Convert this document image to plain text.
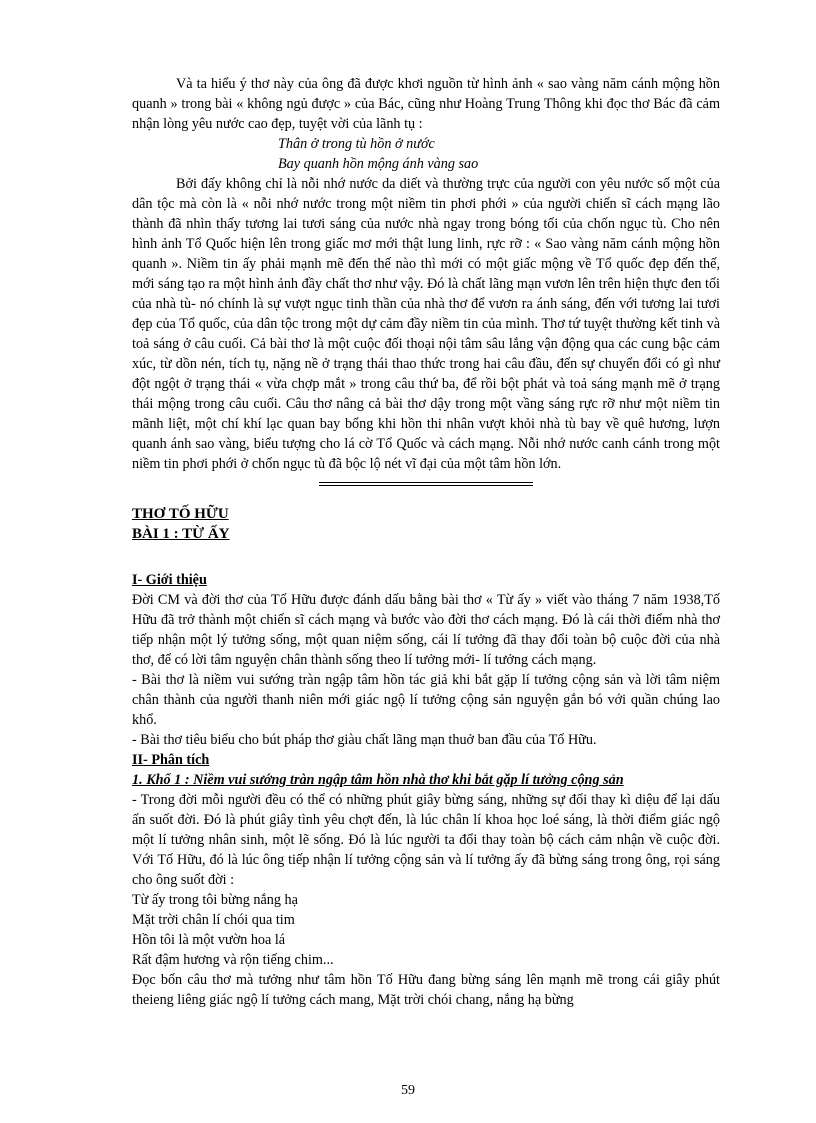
Và ta hiểu ý thơ này của ông đã được khơi nguồn từ hình ảnh « sao vàng năm cánh mộng hồn quanh » trong bài « không ngủ được » của Bác, cũng như Hoàng Trung Thông khi đọc thơ Bác đã cảm nhận lòng yêu nước cao đẹp, tuyệt vời của lãnh tụ :

Thân ở trong tù hồn ở nước

Bay quanh hồn mộng ánh vàng sao

Bởi đấy không chỉ là nỗi nhớ nước da diết và thường trực của người con yêu nước số một của dân tộc mà còn là « nỗi nhớ nước trong một niềm tin phơi phới » của người chiến sĩ cách mạng lão thành đã nhìn thấy tương lai tươi sáng của nước nhà ngay trong bóng tối của chốn ngục tù. Cho nên hình ảnh Tổ Quốc hiện lên trong giấc mơ mới thật lung linh, rực rỡ : « Sao vàng năm cánh mộng hồn quanh ». Niềm tin ấy phải mạnh mẽ đến thế nào thì mới có một giấc mộng về Tổ quốc đẹp đến thế, mới sáng tạo ra một hình ảnh đầy chất thơ như vậy. Đó là chất lãng mạn vươn lên trên hiện thực đen tối của nhà tù- nó chính là sự vượt ngục tinh thần của nhà thơ để vươn ra ánh sáng, đến với tương lai tươi đẹp của Tổ quốc, của dân tộc trong một dự cảm đầy niềm tin của mình. Thơ tứ tuyệt thường kết tinh và toả sáng ở câu cuối. Cả bài thơ là một cuộc đối thoại nội tâm sâu lắng vận động qua các cung bậc cảm xúc, từ dồn nén, tích tụ, nặng nề ở trạng thái thao thức trong hai câu đầu, đến sự chuyển đổi có gì như đột ngột ở trạng thái « vừa chợp mắt » trong câu thứ ba, để rồi bột phát và toả sáng mạnh mẽ ở trạng thái mộng trong câu cuối. Câu thơ nâng cả bài thơ dậy trong một vầng sáng rực rỡ như một niềm tin mãnh liệt, một chí khí lạc quan bay bổng khi hồn thi nhân vượt khỏi nhà tù bay về quê hương, lượn quanh ánh sao vàng, biểu tượng cho lá cờ Tổ Quốc và cách mạng. Nỗi nhớ nước canh cánh trong một niềm tin phơi phới ở chốn ngục tù đã bộc lộ nét vĩ đại của một tâm hồn lớn.

THƠ TỐ HỮU

BÀI 1 : TỪ ẤY

I- Giới thiệu

Đời CM và đời thơ của Tố Hữu được đánh dấu bằng bài thơ « Từ ấy » viết vào tháng 7 năm 1938,Tố Hữu đã trở thành một chiến sĩ cách mạng và bước vào đời thơ cách mạng. Đó là cái thời điểm nhà thơ tiếp nhận một lý tưởng sống, một quan niệm sống, cái lí tưởng đã thay đổi toàn bộ cuộc đời của nhà thơ, để có lời tâm nguyện chân thành sống theo lí tưởng mới- lí tưởng cách mạng.

- Bài thơ là niềm vui sướng tràn ngập tâm hồn tác giả khi bắt gặp lí tưởng cộng sản và lời tâm niệm chân thành của người thanh niên mới giác ngộ lí tưởng cộng sản nguyện gắn bó với quần chúng lao khổ.

- Bài thơ tiêu biểu cho bút pháp thơ giàu chất lãng mạn thuở ban đầu của Tố Hữu.

II- Phân tích

1. Khổ 1 : Niềm vui sướng tràn ngập tâm hồn nhà thơ khi bắt gặp lí tưởng cộng sản

- Trong đời mỗi người đều có thể có những phút giây bừng sáng, những sự đổi thay kì diệu để lại dấu ấn suốt đời. Đó là phút giây tình yêu chợt đến, là lúc chân lí khoa học loé sáng, là thời điểm giác ngộ một lí tưởng nhân sinh, một lẽ sống. Đó là lúc người ta đổi thay toàn bộ cách cảm nhận về cuộc đời. Với Tố Hữu, đó là lúc ông tiếp nhận lí tưởng cộng sản và lí tưởng ấy đã bừng sáng trong ông, rọi sáng cho ông suốt đời :

Từ ấy trong tôi bừng nắng hạ

Mặt trời chân lí chói qua tim

Hồn tôi là một vườn hoa lá

Rất đậm hương và rộn tiếng chim...

Đọc bốn câu thơ mà tưởng như tâm hồn Tố Hữu đang bừng sáng lên mạnh mẽ trong cái giây phút theieng liêng giác ngộ lí tưởng cách mang, Mặt trời chói chang, nắng hạ bừng

59
